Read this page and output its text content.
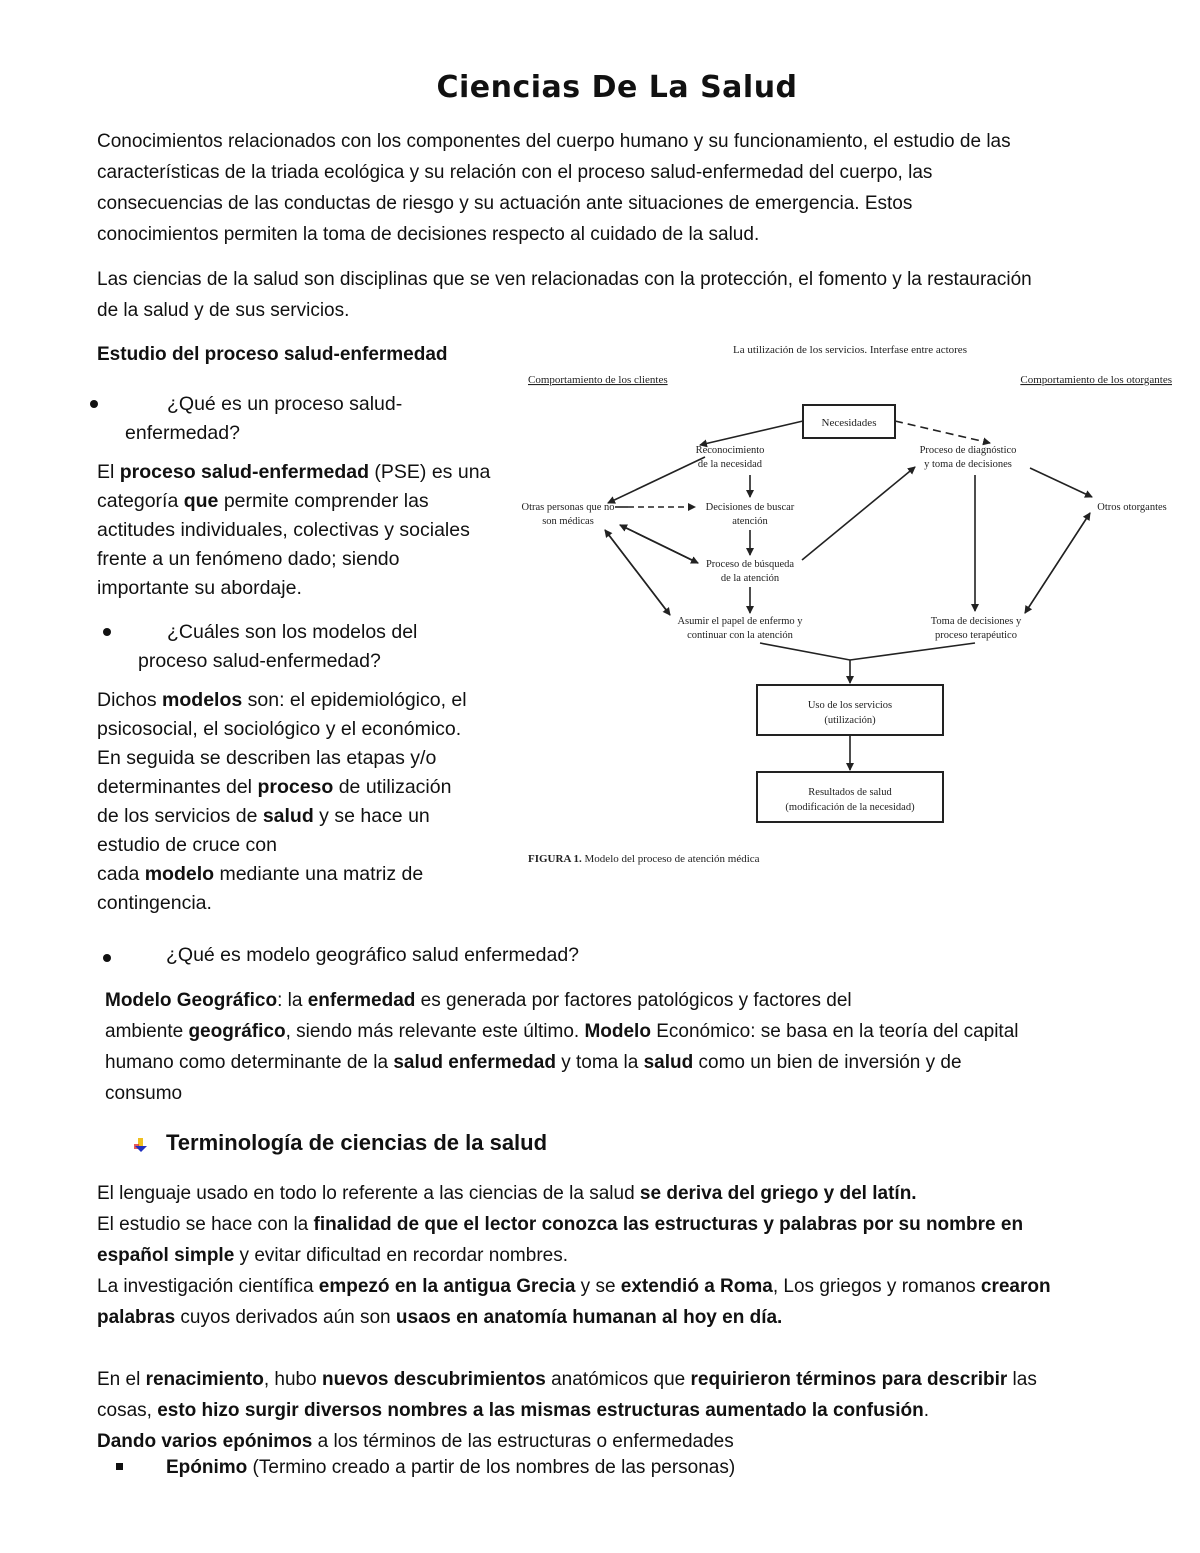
Ciencias De La Salud
Conocimientos relacionados con los componentes del cuerpo humano y su funcionamiento, el estudio de las
características de la triada ecológica y su relación con el proceso salud-enfermedad del cuerpo, las
consecuencias de las conductas de riesgo y su actuación ante situaciones de emergencia. Estos
conocimientos permiten la toma de decisiones respecto al cuidado de la salud.
Las ciencias de la salud son disciplinas que se ven relacionadas con la protección, el fomento y la restauración
de la salud y de sus servicios.
Estudio del proceso salud-enfermedad
¿Qué es un proceso salud-
enfermedad?
El proceso salud-enfermedad (PSE) es una
categoría que permite comprender las
actitudes individuales, colectivas y sociales
frente a un fenómeno dado; siendo
importante su abordaje.
¿Cuáles son los modelos del
proceso salud-enfermedad?
Dichos modelos son: el epidemiológico, el
psicosocial, el sociológico y el económico.
En seguida se describen las etapas y/o
determinantes del proceso de utilización
de los servicios de salud y se hace un
estudio de cruce con
cada modelo mediante una matriz de
contingencia.
La utilización de los servicios. Interfase entre actores
Comportamiento de los clientes	Comportamiento de los otorgantes
Necesidades
Reconocimiento
de la necesidad
Proceso de diagnóstico
y toma de decisiones
Otras personas que no
son médicas
Decisiones de buscar
atención
Otros otorgantes
Proceso de búsqueda
de la atención
Asumir el papel de enfermo y
continuar con la atención
Toma de decisiones y
proceso terapéutico
Uso de los servicios
(utilización)
Resultados de salud
(modificación de la necesidad)
FIGURA 1. Modelo del proceso de atención médica
¿Qué es modelo geográfico salud enfermedad?
Modelo Geográfico: la enfermedad es generada por factores patológicos y factores del
ambiente geográfico, siendo más relevante este último. Modelo Económico: se basa en la teoría del capital
humano como determinante de la salud enfermedad y toma la salud como un bien de inversión y de
consumo
Terminología de ciencias de la salud
El lenguaje usado en todo lo referente a las ciencias de la salud se deriva del griego y del latín.
El estudio se hace con la finalidad de que el lector conozca las estructuras y palabras por su nombre en
español simple y evitar dificultad en recordar nombres.
La investigación científica empezó en la antigua Grecia y se extendió a Roma, Los griegos y romanos crearon
palabras cuyos derivados aún son usaos en anatomía humanan al hoy en día.
En el renacimiento, hubo nuevos descubrimientos anatómicos que requirieron términos para describir las
cosas, esto hizo surgir diversos nombres a las mismas estructuras aumentado la confusión.
Dando varios epónimos a los términos de las estructuras o enfermedades
Epónimo (Termino creado a partir de los nombres de las personas)
